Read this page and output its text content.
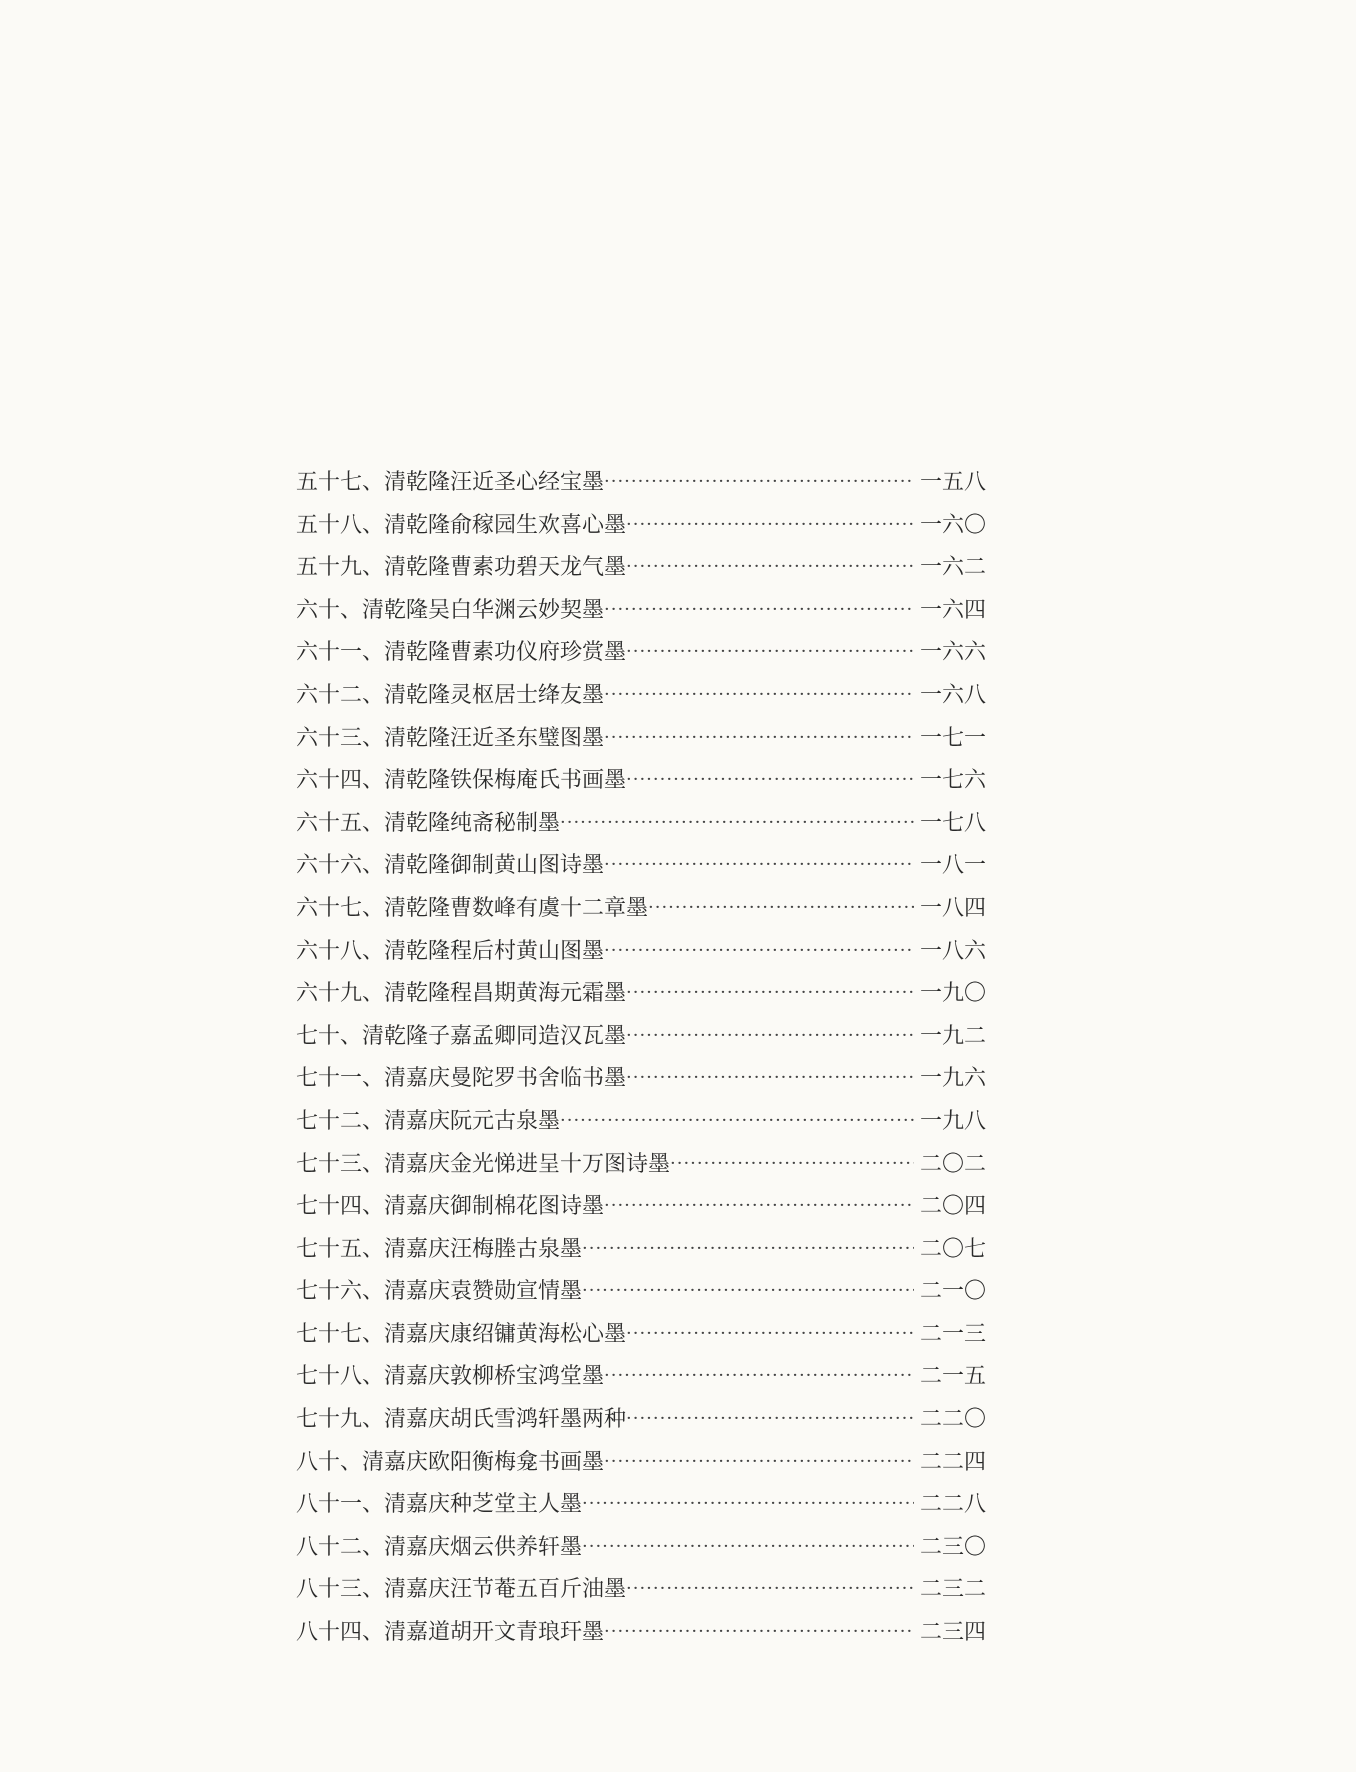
五十七、清乾隆汪近圣心经宝墨 ·····	一五八
五十八、清乾隆俞稼园生欢喜心墨 ·····	一六〇
五十九、清乾隆曹素功碧天龙气墨 ·····	一六二
六十、清乾隆吴白华渊云妙契墨 ·····	一六四
六十一、清乾隆曹素功仪府珍赏墨 ·····	一六六
六十二、清乾隆灵枢居士绛友墨 ·····	一六八
六十三、清乾隆汪近圣东璧图墨 ·····	一七一
六十四、清乾隆铁保梅庵氏书画墨 ·····	一七六
六十五、清乾隆纯斋秘制墨 ·····	一七八
六十六、清乾隆御制黄山图诗墨 ·····	一八一
六十七、清乾隆曹数峰有虞十二章墨 ·····	一八四
六十八、清乾隆程后村黄山图墨 ·····	一八六
六十九、清乾隆程昌期黄海元霜墨 ·····	一九〇
七十、清乾隆子嘉孟卿同造汉瓦墨 ·····	一九二
七十一、清嘉庆曼陀罗书舍临书墨 ·····	一九六
七十二、清嘉庆阮元古泉墨 ·····	一九八
七十三、清嘉庆金光悌进呈十万图诗墨 ·····	二〇二
七十四、清嘉庆御制棉花图诗墨 ·····	二〇四
七十五、清嘉庆汪梅塍古泉墨 ·····	二〇七
七十六、清嘉庆袁赞勋宣情墨 ·····	二一〇
七十七、清嘉庆康绍镛黄海松心墨 ·····	二一三
七十八、清嘉庆敦柳桥宝鸿堂墨 ·····	二一五
七十九、清嘉庆胡氏雪鸿轩墨两种 ·····	二二〇
八十、清嘉庆欧阳衡梅龛书画墨 ·····	二二四
八十一、清嘉庆种芝堂主人墨 ·····	二二八
八十二、清嘉庆烟云供养轩墨 ·····	二三〇
八十三、清嘉庆汪节菴五百斤油墨 ·····	二三二
八十四、清嘉道胡开文青琅玕墨 ·····	二三四
